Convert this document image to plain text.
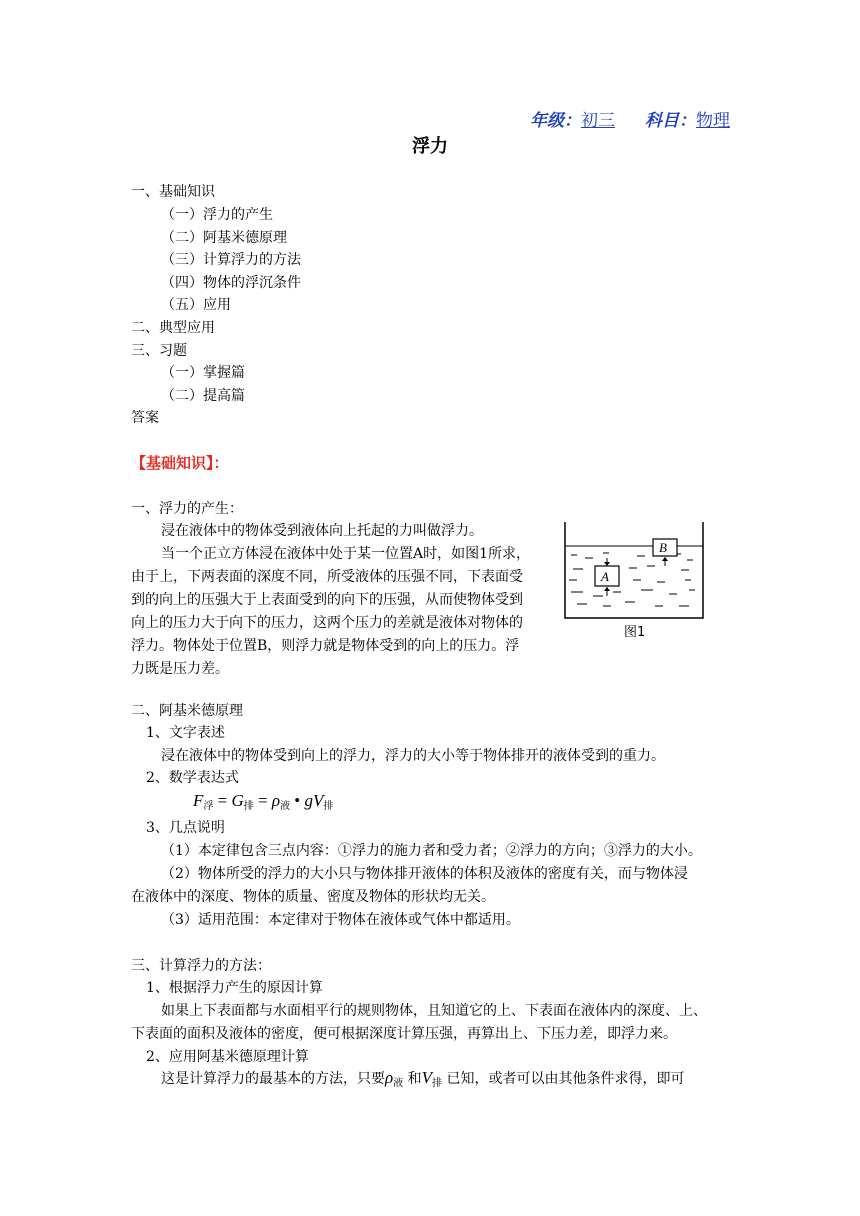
年级：初三 科目：物理
浮力
一、基础知识
（一）浮力的产生
（二）阿基米德原理
（三）计算浮力的方法
（四）物体的浮沉条件
（五）应用
二、典型应用
三、习题
（一）掌握篇
（二）提高篇
答案
【基础知识】：
一、浮力的产生：
浸在液体中的物体受到液体向上托起的力叫做浮力。
当一个正立方体浸在液体中处于某一位置A时，如图1所求，
由于上，下两表面的深度不同，所受液体的压强不同，下表面受
到的向上的压强大于上表面受到的向下的压强，从而使物体受到
向上的压力大于向下的压力，这两个压力的差就是液体对物体的
浮力。物体处于位置B，则浮力就是物体受到的向上的压力。浮
力既是压力差。
A
B
图1
二、阿基米德原理
1、文字表述
浸在液体中的物体受到向上的浮力，浮力的大小等于物体排开的液体受到的重力。
2、数学表达式
$F_浮 = G_排 = \rho_液$ • $gV_排$
3、几点说明
（1）本定律包含三点内容：①浮力的施力者和受力者；②浮力的方向；③浮力的大小。
（2）物体所受的浮力的大小只与物体排开液体的体积及液体的密度有关，而与物体浸
在液体中的深度、物体的质量、密度及物体的形状均无关。
（3）适用范围：本定律对于物体在液体或气体中都适用。
三、计算浮力的方法：
1、根据浮力产生的原因计算
如果上下表面都与水面相平行的规则物体，且知道它的上、下表面在液体内的深度、上、
下表面的面积及液体的密度，便可根据深度计算压强，再算出上、下压力差，即浮力来。
2、应用阿基米德原理计算
这是计算浮力的最基本的方法，只要$\rho_液$ 和$V_排$ 已知，或者可以由其他条件求得，即可
